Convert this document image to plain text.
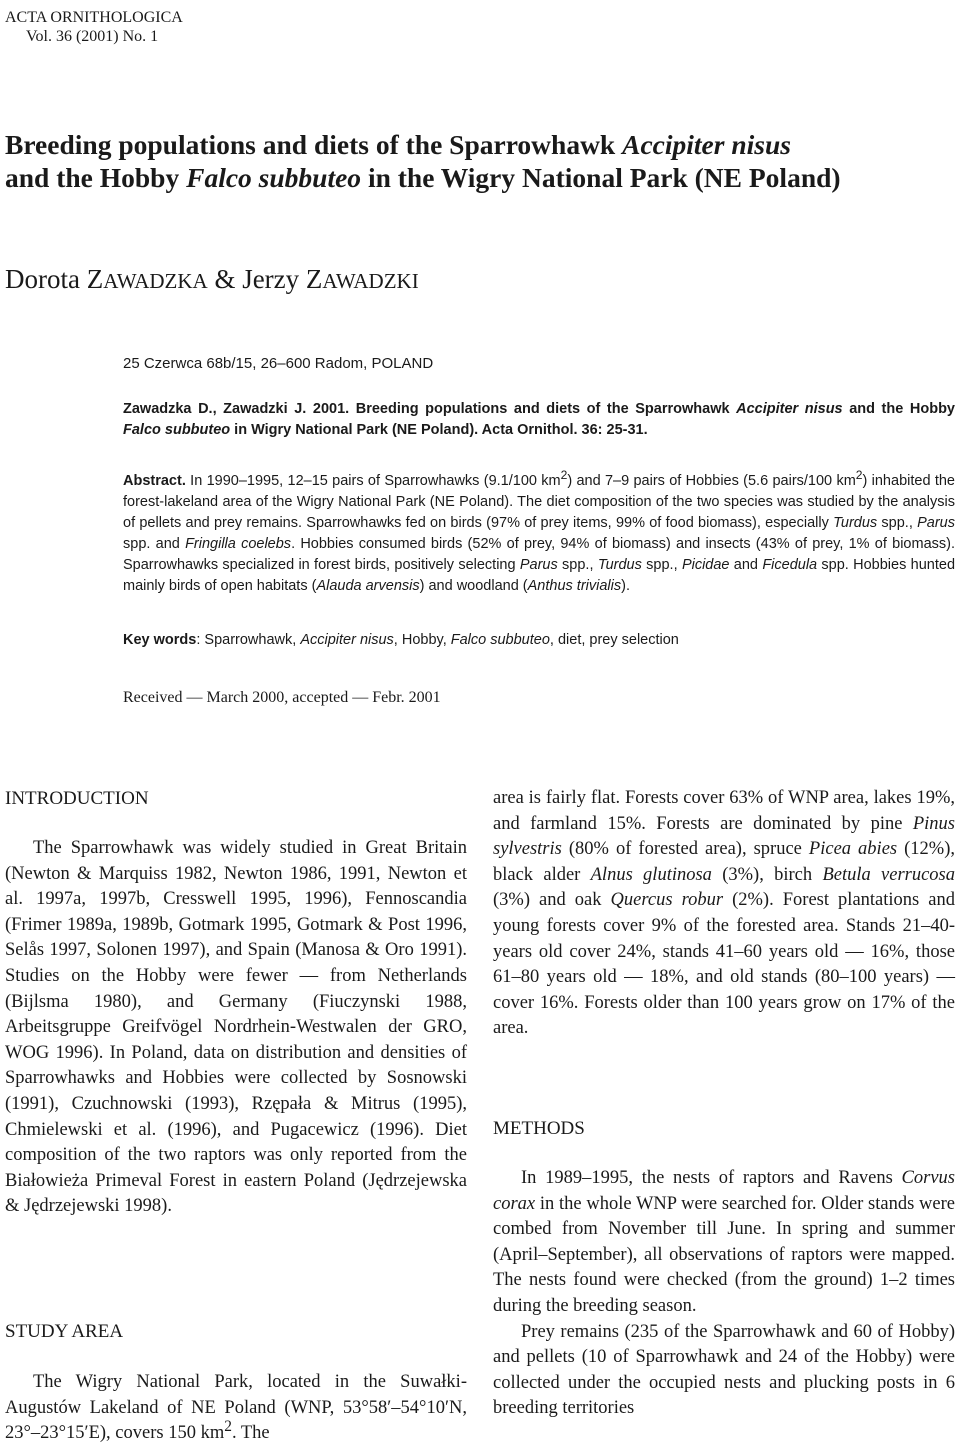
ACTA ORNITHOLOGICA
Vol. 36 (2001) No. 1
Breeding populations and diets of the Sparrowhawk Accipiter nisus
and the Hobby Falco subbuteo in the Wigry National Park (NE Poland)
Dorota ZAWADZKA & Jerzy ZAWADZKI
25 Czerwca 68b/15, 26–600 Radom, POLAND
Zawadzka D., Zawadzki J. 2001. Breeding populations and diets of the Sparrowhawk Accipiter nisus and the Hobby Falco subbuteo in Wigry National Park (NE Poland). Acta Ornithol. 36: 25-31.
Abstract. In 1990–1995, 12–15 pairs of Sparrowhawks (9.1/100 $km^2$) and 7–9 pairs of Hobbies (5.6 pairs/100 $km^2$) inhabited the forest-lakeland area of the Wigry National Park (NE Poland). The diet composition of the two species was studied by the analysis of pellets and prey remains. Sparrowhawks fed on birds (97% of prey items, 99% of food biomass), especially Turdus spp., Parus spp. and Fringilla coelebs. Hobbies consumed birds (52% of prey, 94% of biomass) and insects (43% of prey, 1% of biomass). Sparrowhawks specialized in forest birds, positively selecting Parus spp., Turdus spp., Picidae and Ficedula spp. Hobbies hunted mainly birds of open habitats (Alauda arvensis) and woodland (Anthus trivialis).
Key words: Sparrowhawk, Accipiter nisus, Hobby, Falco subbuteo, diet, prey selection
Received — March 2000, accepted — Febr. 2001
INTRODUCTION

The Sparrowhawk was widely studied in Great Britain (Newton & Marquiss 1982, Newton 1986, 1991, Newton et al. 1997a, 1997b, Cresswell 1995, 1996), Fennoscandia (Frimer 1989a, 1989b, Gotmark 1995, Gotmark & Post 1996, Selås 1997, Solonen 1997), and Spain (Manosa & Oro 1991). Studies on the Hobby were fewer — from Netherlands (Bijlsma 1980), and Germany (Fiuczynski 1988, Arbeitsgruppe Greifvögel Nordrhein-Westwalen der GRO, WOG 1996). In Poland, data on distribution and densities of Sparrowhawks and Hobbies were collected by Sosnowski (1991), Czuchnowski (1993), Rzępała & Mitrus (1995), Chmielewski et al. (1996), and Pugacewicz (1996). Diet composition of the two raptors was only reported from the Białowieża Primeval Forest in eastern Poland (Jędrzejewska & Jędrzejewski 1998).

STUDY AREA

The Wigry National Park, located in the Suwałki-Augustów Lakeland of NE Poland (WNP, 53°58′–54°10′N, 23°–23°15′E), covers 150 $km^2$. The

area is fairly flat. Forests cover 63% of WNP area, lakes 19%, and farmland 15%. Forests are dominated by pine Pinus sylvestris (80% of forested area), spruce Picea abies (12%), black alder Alnus glutinosa (3%), birch Betula verrucosa (3%) and oak Quercus robur (2%). Forest plantations and young forests cover 9% of the forested area. Stands 21–40-years old cover 24%, stands 41–60 years old — 16%, those 61–80 years old — 18%, and old stands (80–100 years) — cover 16%. Forests older than 100 years grow on 17% of the area.

METHODS

In 1989–1995, the nests of raptors and Ravens Corvus corax in the whole WNP were searched for. Older stands were combed from November till June. In spring and summer (April–September), all observations of raptors were mapped. The nests found were checked (from the ground) 1–2 times during the breeding season.

Prey remains (235 of the Sparrowhawk and 60 of Hobby) and pellets (10 of Sparrowhawk and 24 of the Hobby) were collected under the occupied nests and plucking posts in 6 breeding territories
